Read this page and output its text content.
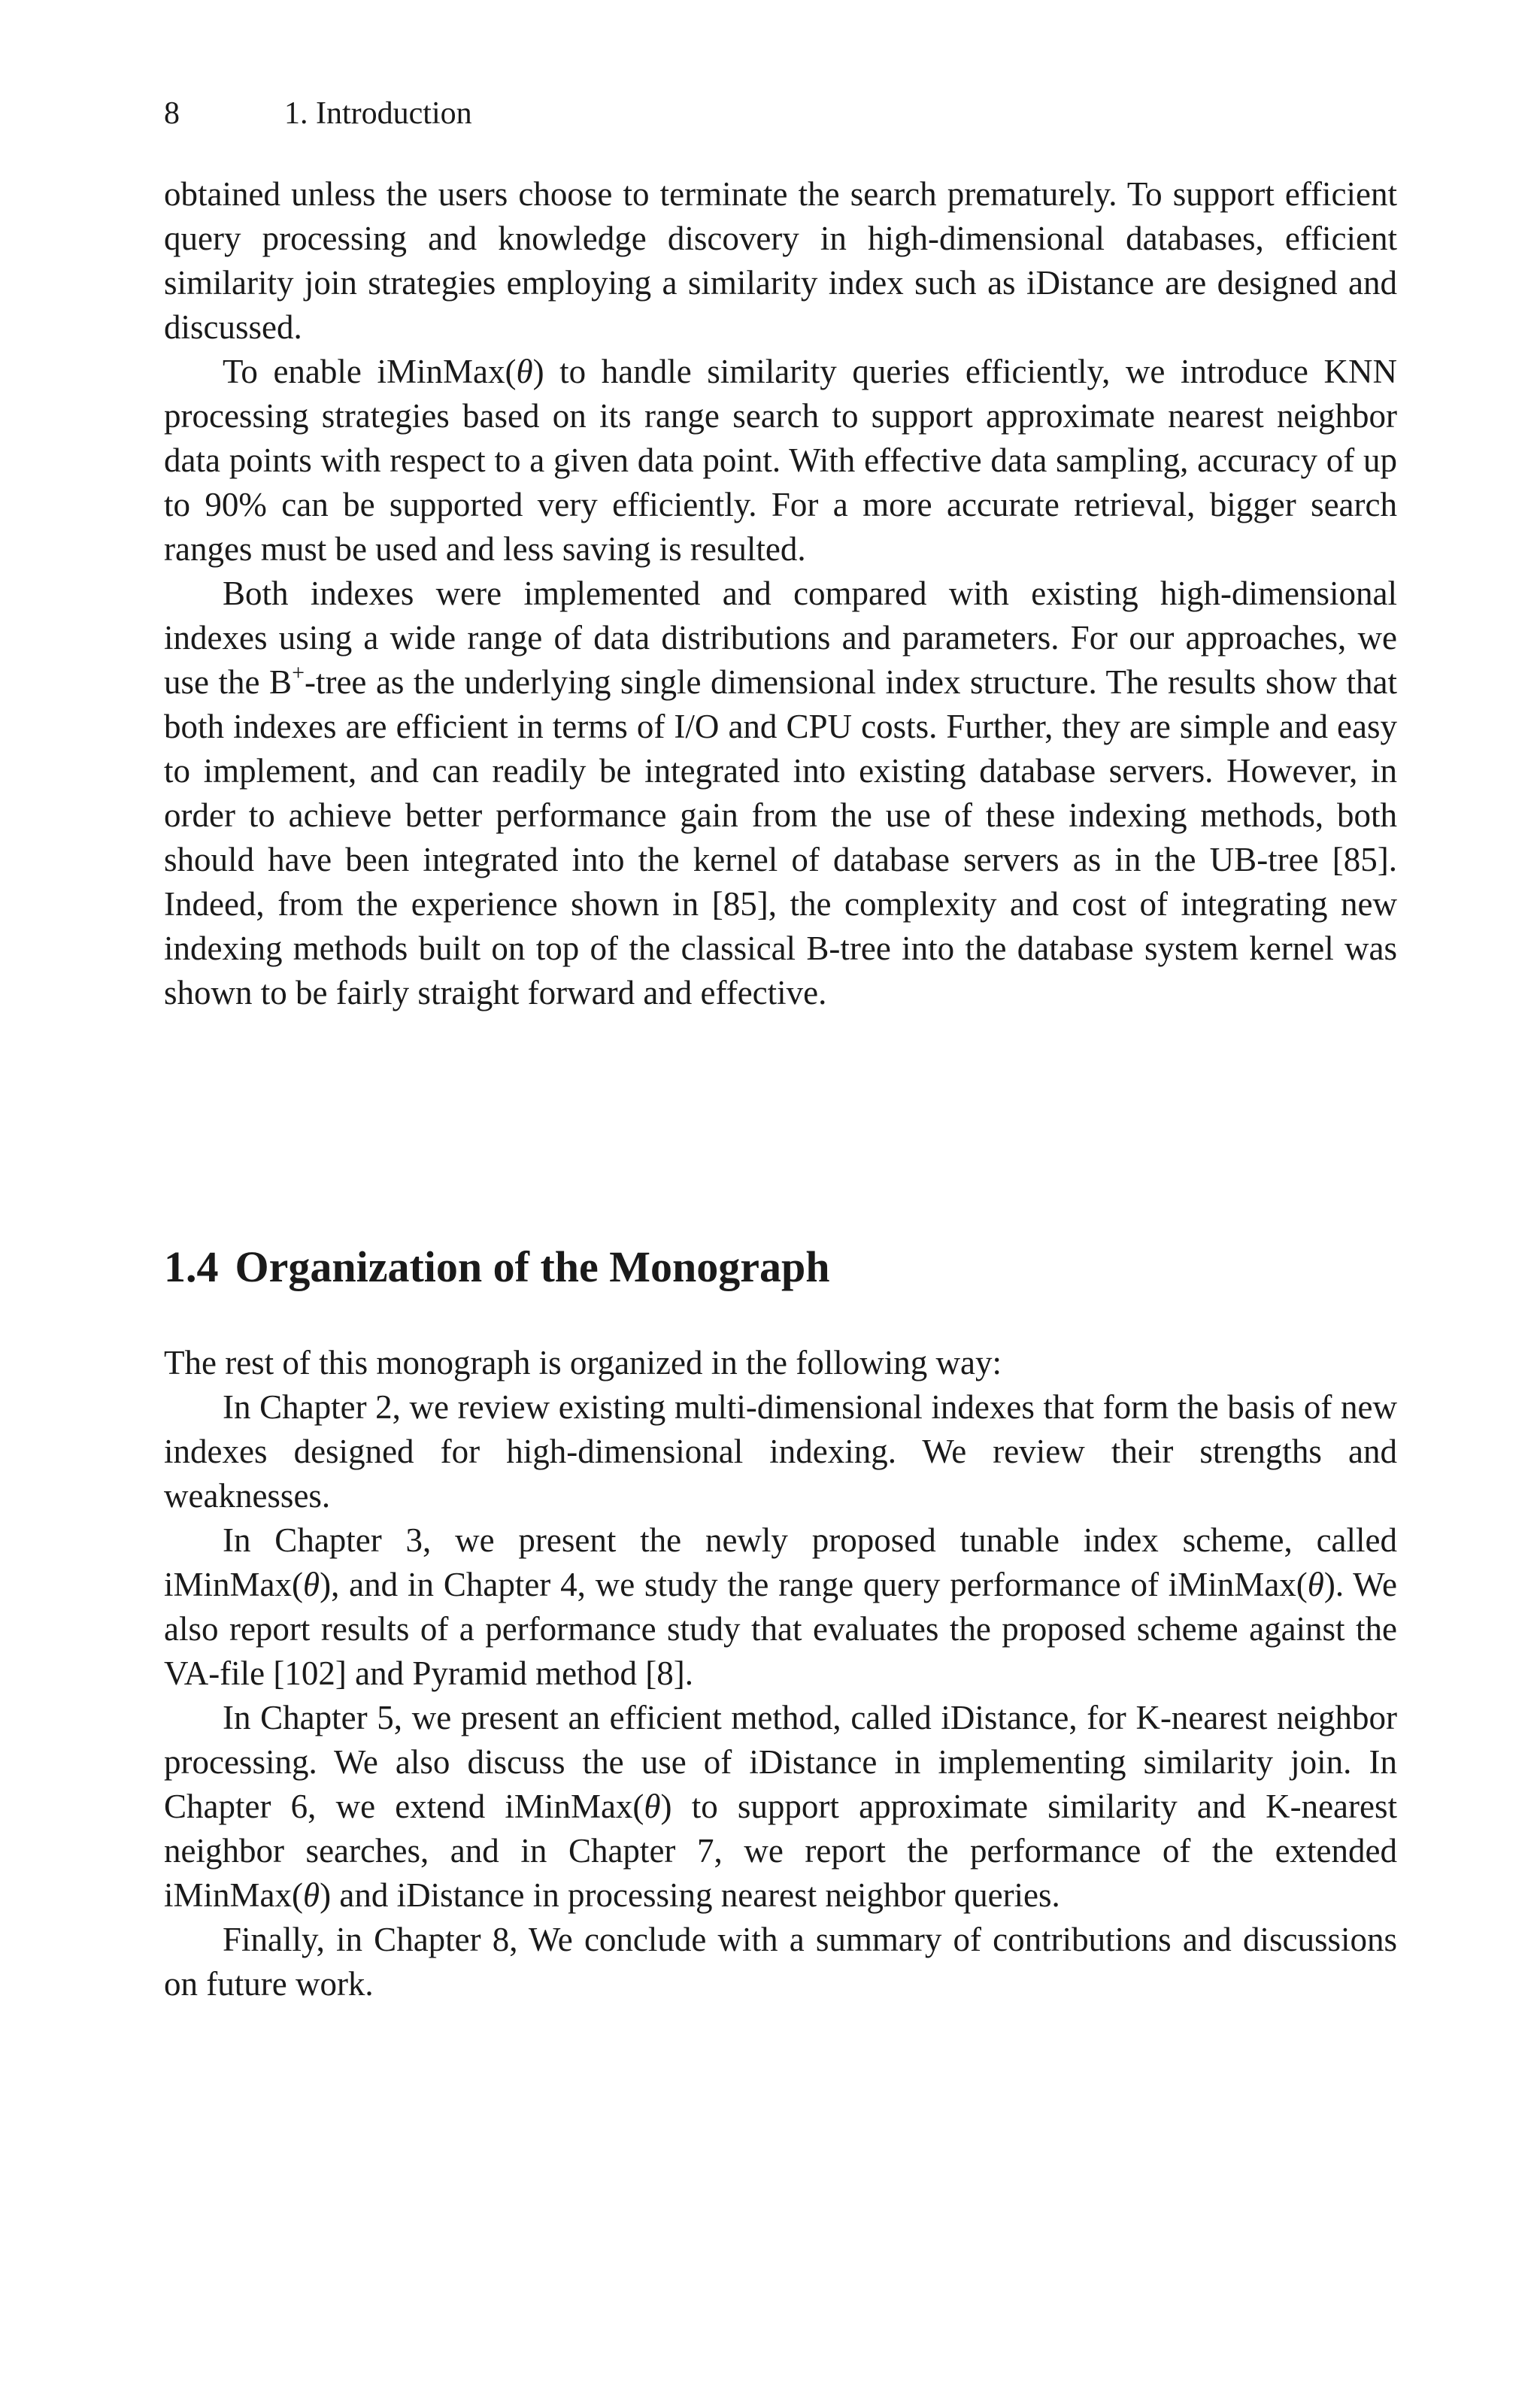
8	1. Introduction

obtained unless the users choose to terminate the search prematurely. To support efficient query processing and knowledge discovery in high-dimensional databases, efficient similarity join strategies employing a similarity index such as iDistance are designed and discussed.

To enable iMinMax(θ) to handle similarity queries efficiently, we introduce KNN processing strategies based on its range search to support approximate nearest neighbor data points with respect to a given data point. With effective data sampling, accuracy of up to 90% can be supported very efficiently. For a more accurate retrieval, bigger search ranges must be used and less saving is resulted.

Both indexes were implemented and compared with existing high-dimensional indexes using a wide range of data distributions and parameters. For our approaches, we use the B+-tree as the underlying single dimensional index structure. The results show that both indexes are efficient in terms of I/O and CPU costs. Further, they are simple and easy to implement, and can readily be integrated into existing database servers. However, in order to achieve better performance gain from the use of these indexing methods, both should have been integrated into the kernel of database servers as in the UB-tree [85]. Indeed, from the experience shown in [85], the complexity and cost of integrating new indexing methods built on top of the classical B-tree into the database system kernel was shown to be fairly straight forward and effective.

1.4 Organization of the Monograph

The rest of this monograph is organized in the following way:

In Chapter 2, we review existing multi-dimensional indexes that form the basis of new indexes designed for high-dimensional indexing. We review their strengths and weaknesses.

In Chapter 3, we present the newly proposed tunable index scheme, called iMinMax(θ), and in Chapter 4, we study the range query performance of iMinMax(θ). We also report results of a performance study that evaluates the proposed scheme against the VA-file [102] and Pyramid method [8].

In Chapter 5, we present an efficient method, called iDistance, for K-nearest neighbor processing. We also discuss the use of iDistance in implementing similarity join. In Chapter 6, we extend iMinMax(θ) to support approximate similarity and K-nearest neighbor searches, and in Chapter 7, we report the performance of the extended iMinMax(θ) and iDistance in processing nearest neighbor queries.

Finally, in Chapter 8, We conclude with a summary of contributions and discussions on future work.
